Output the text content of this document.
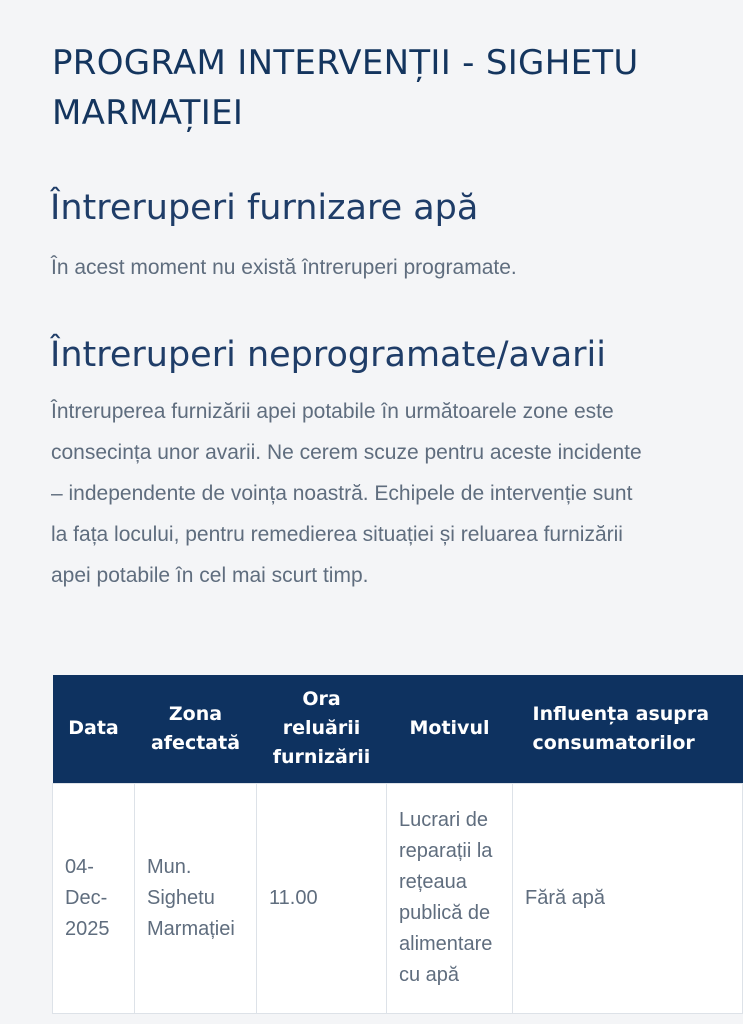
PROGRAM INTERVENȚII - SIGHETU MARMAȚIEI
Întreruperi furnizare apă

În acest moment nu există întreruperi programate.

Întreruperi neprogramate/avarii

Întreruperea furnizării apei potabile în următoarele zone este consecința unor avarii. Ne cerem scuze pentru aceste incidente – independente de voința noastră. Echipele de intervenție sunt la fața locului, pentru remedierea situației și reluarea furnizării apei potabile în cel mai scurt timp.

Data	Zona afectată	Ora reluării furnizării	Motivul	Influența asupra consumatorilor

04-Dec-2025	Mun. Sighetu Marmației	11.00	Lucrari de reparații la rețeaua publică de alimentare cu apă	Fără apă
